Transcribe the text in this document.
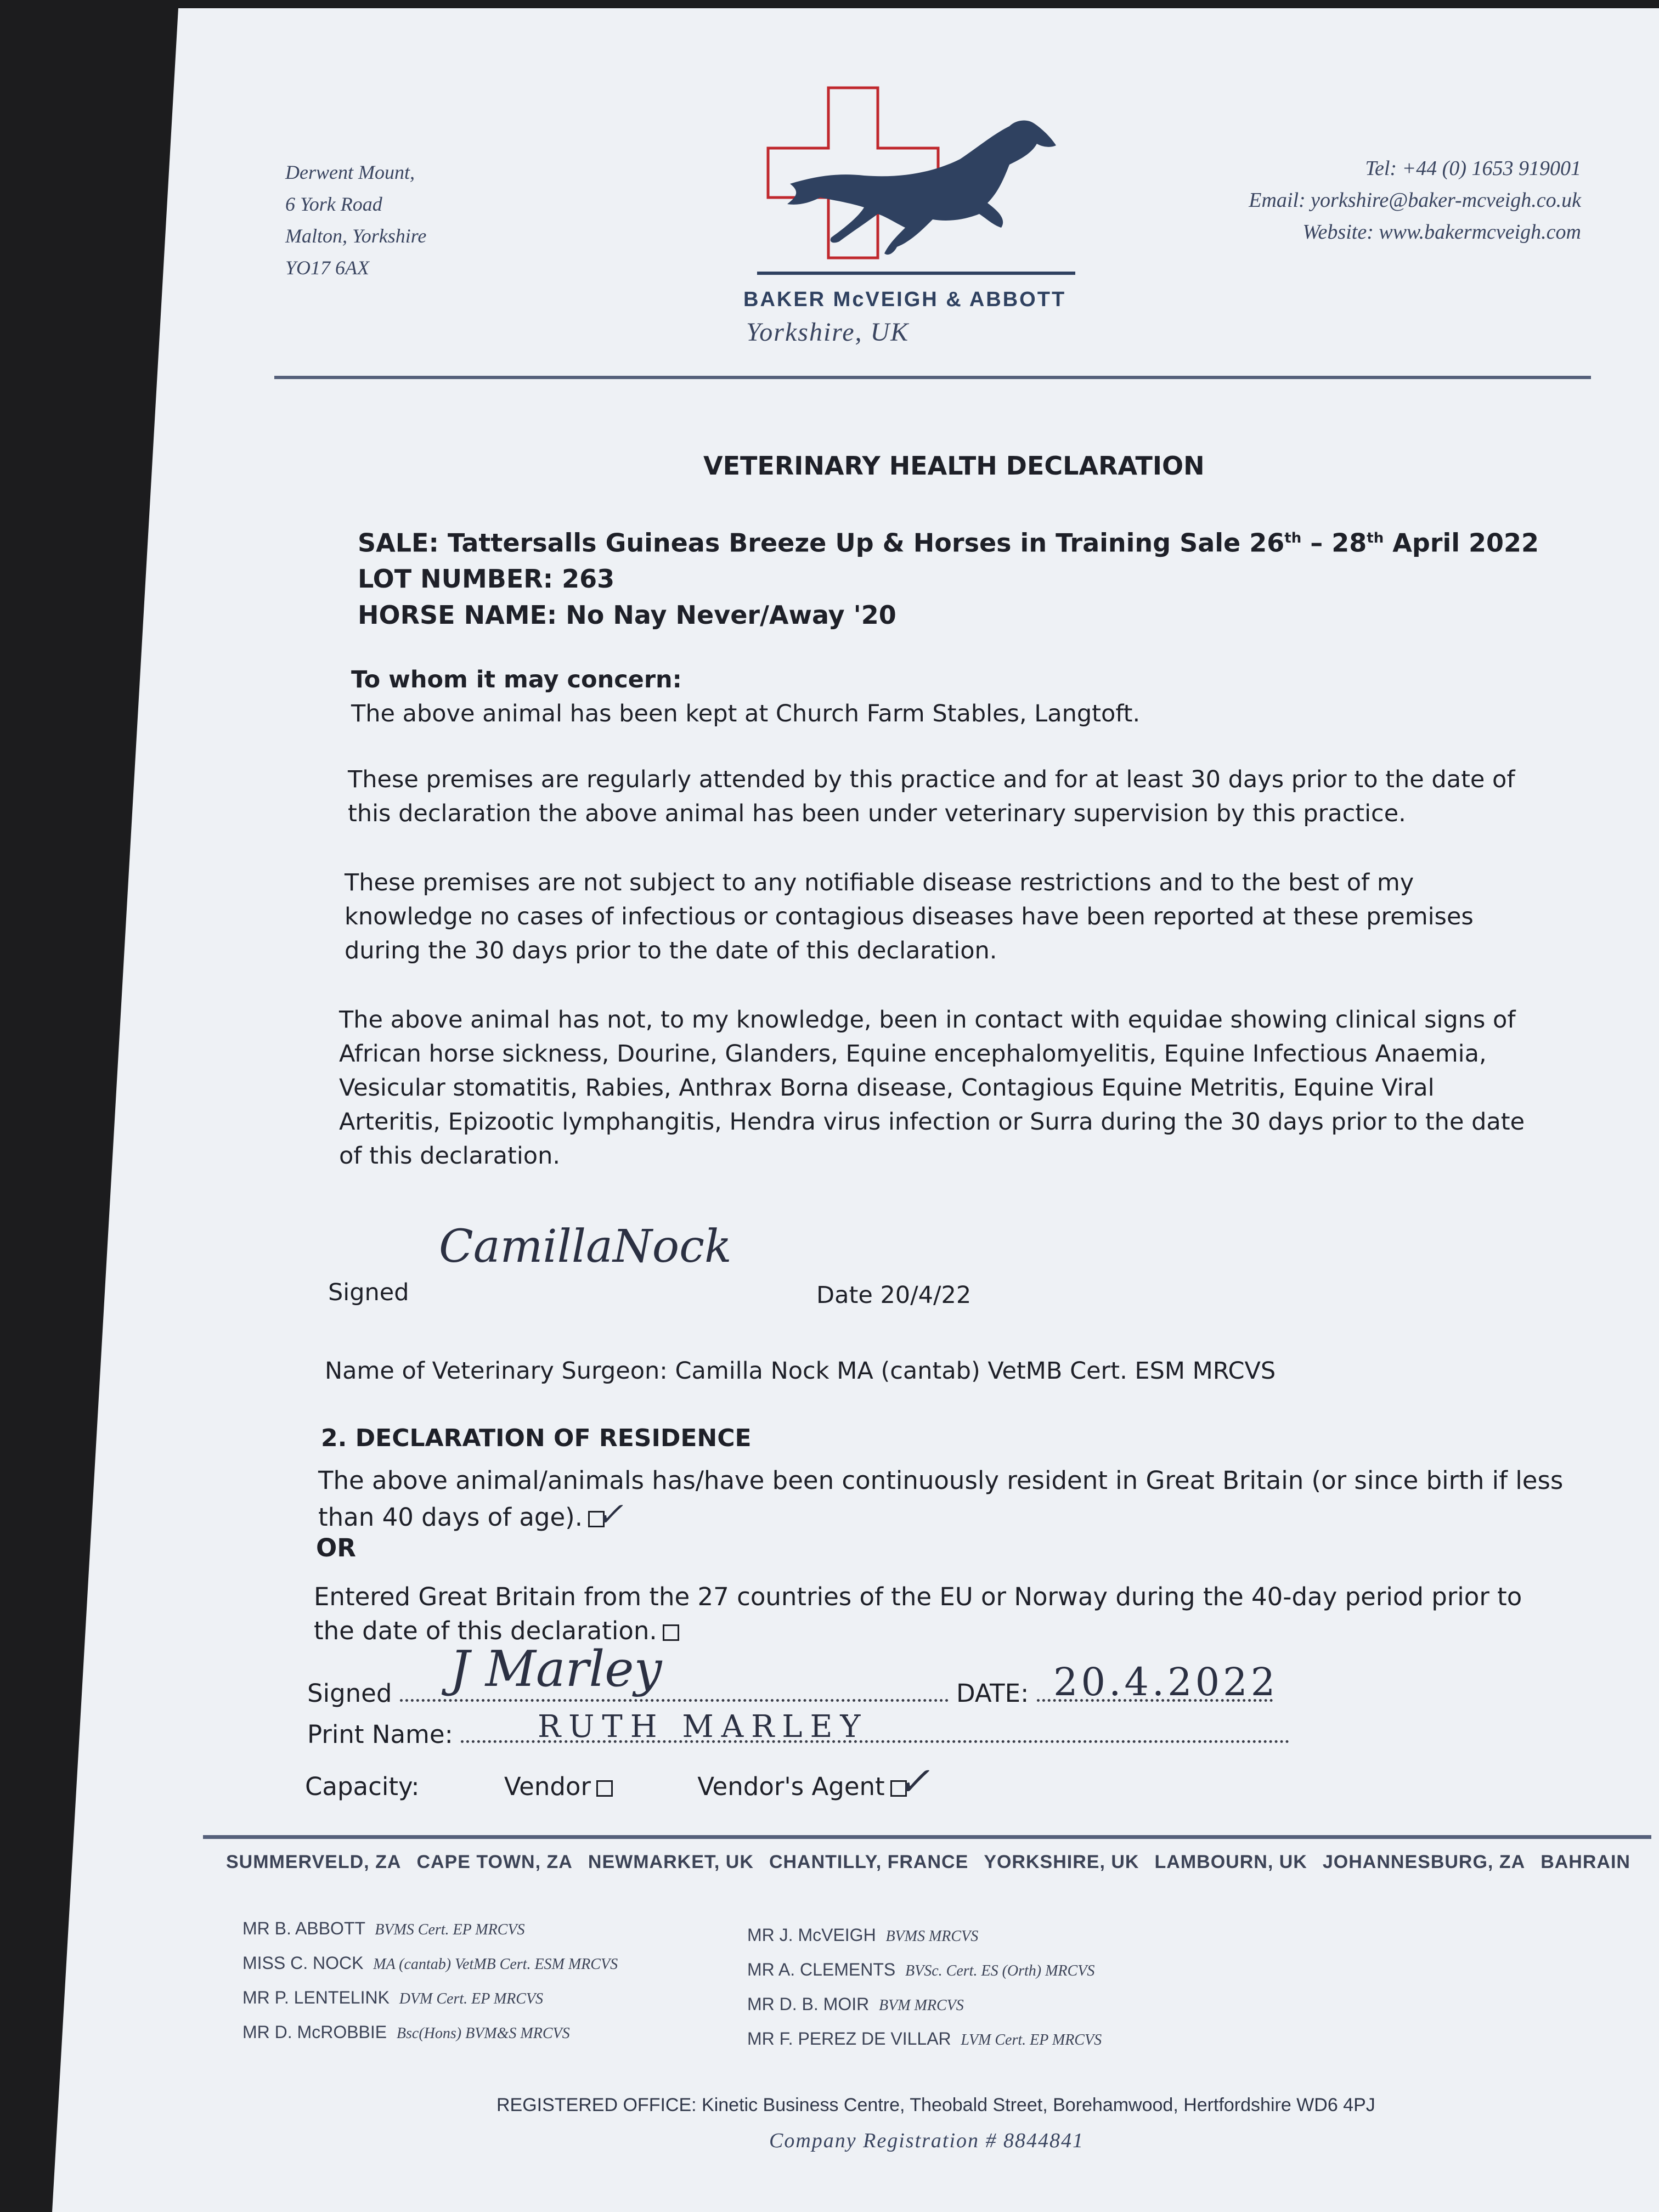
Derwent Mount,
6 York Road
Malton, Yorkshire
YO17 6AX
Tel: +44 (0) 1653 919001
Email: yorkshire@baker-mcveigh.co.uk
Website: www.bakermcveigh.com
BAKER McVEIGH & ABBOTT
Yorkshire, UK
VETERINARY HEALTH DECLARATION
SALE: Tattersalls Guineas Breeze Up & Horses in Training Sale 26th – 28th April 2022
LOT NUMBER: 263
HORSE NAME: No Nay Never/Away '20
To whom it may concern:
The above animal has been kept at Church Farm Stables, Langtoft.
These premises are regularly attended by this practice and for at least 30 days prior to the date of
this declaration the above animal has been under veterinary supervision by this practice.
These premises are not subject to any notifiable disease restrictions and to the best of my
knowledge no cases of infectious or contagious diseases have been reported at these premises
during the 30 days prior to the date of this declaration.
The above animal has not, to my knowledge, been in contact with equidae showing clinical signs of
African horse sickness, Dourine, Glanders, Equine encephalomyelitis, Equine Infectious Anaemia,
Vesicular stomatitis, Rabies, Anthrax Borna disease, Contagious Equine Metritis, Equine Viral
Arteritis, Epizootic lymphangitis, Hendra virus infection or Surra during the 30 days prior to the date
of this declaration.
Signed
CamillaNock
Date 20/4/22
Name of Veterinary Surgeon: Camilla Nock MA (cantab) VetMB Cert. ESM MRCVS
2. DECLARATION OF RESIDENCE
The above animal/animals has/have been continuously resident in Great Britain (or since birth if less
than 40 days of age). ✓
OR
Entered Great Britain from the 27 countries of the EU or Norway during the 40-day period prior to
the date of this declaration.
Signed	DATE:
J Marley	20.4.2022
Print Name:	RUTH MARLEY
Capacity:	Vendor	Vendor's Agent ✓
SUMMERVELD, ZA CAPE TOWN, ZA NEWMARKET, UK CHANTILLY, FRANCE YORKSHIRE, UK LAMBOURN, UK JOHANNESBURG, ZA BAHRAIN
MR B. ABBOTT BVMS Cert. EP MRCVS
MISS C. NOCK MA (cantab) VetMB Cert. ESM MRCVS
MR P. LENTELINK DVM Cert. EP MRCVS
MR D. McROBBIE Bsc(Hons) BVM&S MRCVS
MR J. McVEIGH BVMS MRCVS
MR A. CLEMENTS BVSc. Cert. ES (Orth) MRCVS
MR D. B. MOIR BVM MRCVS
MR F. PEREZ DE VILLAR LVM Cert. EP MRCVS
REGISTERED OFFICE: Kinetic Business Centre, Theobald Street, Borehamwood, Hertfordshire WD6 4PJ
Company Registration # 8844841
